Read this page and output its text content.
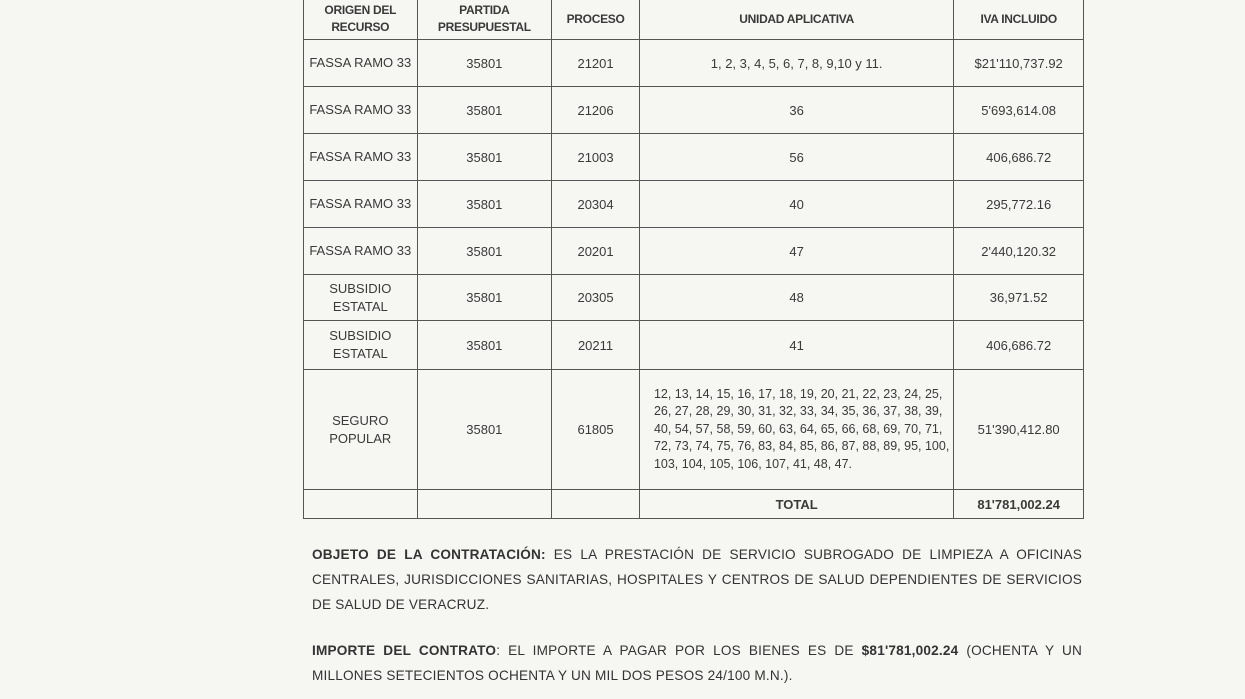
ORIGEN DEL RECURSO	PARTIDA PRESUPUESTAL	PROCESO	UNIDAD APLICATIVA	IVA INCLUIDO
FASSA RAMO 33	35801	21201	1, 2, 3, 4, 5, 6, 7, 8, 9,10 y 11.	$21'110,737.92
FASSA RAMO 33	35801	21206	36	5'693,614.08
FASSA RAMO 33	35801	21003	56	406,686.72
FASSA RAMO 33	35801	20304	40	295,772.16
FASSA RAMO 33	35801	20201	47	2'440,120.32
SUBSIDIO ESTATAL	35801	20305	48	36,971.52
SUBSIDIO ESTATAL	35801	20211	41	406,686.72
SEGURO POPULAR	35801	61805	12, 13, 14, 15, 16, 17, 18, 19, 20, 21, 22, 23, 24, 25, 26, 27, 28, 29, 30, 31, 32, 33, 34, 35, 36, 37, 38, 39, 40, 54, 57, 58, 59, 60, 63, 64, 65, 66, 68, 69, 70, 71, 72, 73, 74, 75, 76, 83, 84, 85, 86, 87, 88, 89, 95, 100, 103, 104, 105, 106, 107, 41, 48, 47.	51'390,412.80
			TOTAL	81'781,002.24
OBJETO DE LA CONTRATACIÓN: ES LA PRESTACIÓN DE SERVICIO SUBROGADO DE LIMPIEZA A OFICINAS CENTRALES, JURISDICCIONES SANITARIAS, HOSPITALES Y CENTROS DE SALUD DEPENDIENTES DE SERVICIOS DE SALUD DE VERACRUZ.
IMPORTE DEL CONTRATO: EL IMPORTE A PAGAR POR LOS BIENES ES DE $81'781,002.24 (OCHENTA Y UN MILLONES SETECIENTOS OCHENTA Y UN MIL DOS PESOS 24/100 M.N.).
